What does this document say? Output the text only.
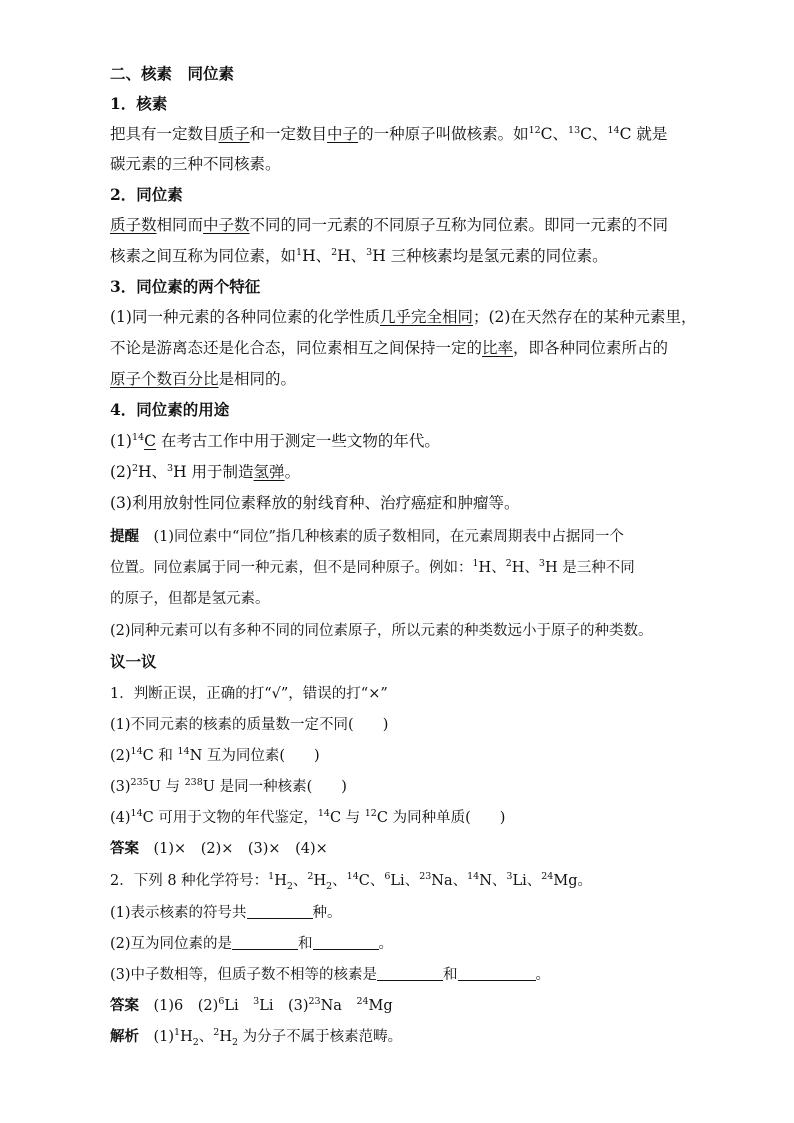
二、核素　同位素
1．核素
把具有一定数目质子和一定数目中子的一种原子叫做核素。如$^{12}$C、$^{13}$C、$^{14}$C 就是
碳元素的三种不同核素。
2．同位素
质子数相同而中子数不同的同一元素的不同原子互称为同位素。即同一元素的不同
核素之间互称为同位素，如$^1$H、$^2$H、$^3$H 三种核素均是氢元素的同位素。
3．同位素的两个特征
(1)同一种元素的各种同位素的化学性质几乎完全相同；(2)在天然存在的某种元素里，
不论是游离态还是化合态，同位素相互之间保持一定的比率，即各种同位素所占的
原子个数百分比是相同的。
4．同位素的用途
$(1)^{14}C$ 在考古工作中用于测定一些文物的年代。
$(2)^2H$、$^3$H 用于制造氢弹。
(3)利用放射性同位素释放的射线育种、治疗癌症和肿瘤等。
提醒　(1)同位素中“同位”指几种核素的质子数相同，在元素周期表中占据同一个
位置。同位素属于同一种元素，但不是同种原子。例如：$^1$H、$^2$H、$^3$H 是三种不同
的原子，但都是氢元素。
(2)同种元素可以有多种不同的同位素原子，所以元素的种类数远小于原子的种类数。
议一议
1．判断正误，正确的打“√”，错误的打“×”
(1)不同元素的核素的质量数一定不同(　　)
$(2)^{14}C$ 和 $^{14}$N 互为同位素(　　)
$(3)^{235}U$ 与 $^{238}$U 是同一种核素(　　)
$(4)^{14}C$ 可用于文物的年代鉴定，$^{14}$C 与 $^{12}$C 为同种单质(　　)
答案　(1)×　(2)×　(3)×　(4)×
2．下列 8 种化学符号：$^1H_2$、$^2H_2$、$^{14}$C、$^6$Li、$^{23}$Na、$^{14}$N、$^3$Li、$^{24}$Mg。
(1)表示核素的符号共	种。
(2)互为同位素的是	和	。
(3)中子数相等，但质子数不相等的核素是	和	。
答案　(1)6　$(2)^6Li$　$^3$Li　$(3)^{23}Na$　$^{24}$Mg
解析　$(1)^1H_2$、$^2H_2$ 为分子不属于核素范畴。
